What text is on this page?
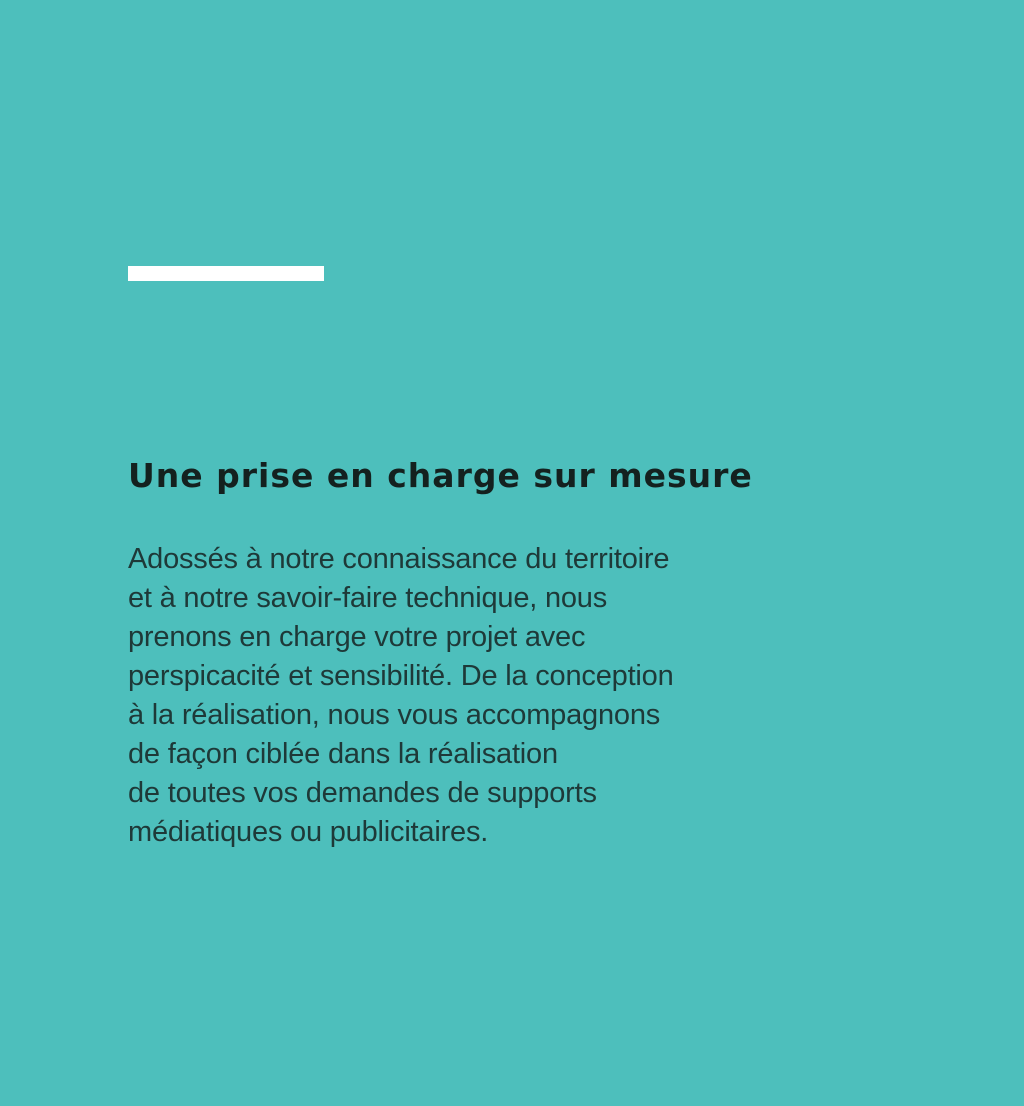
Une prise en charge sur mesure
Adossés à notre connaissance du territoire
et à notre savoir-faire technique, nous
prenons en charge votre projet avec
perspicacité et sensibilité. De la conception
à la réalisation, nous vous accompagnons
de façon ciblée dans la réalisation
de toutes vos demandes de supports
médiatiques ou publicitaires.
